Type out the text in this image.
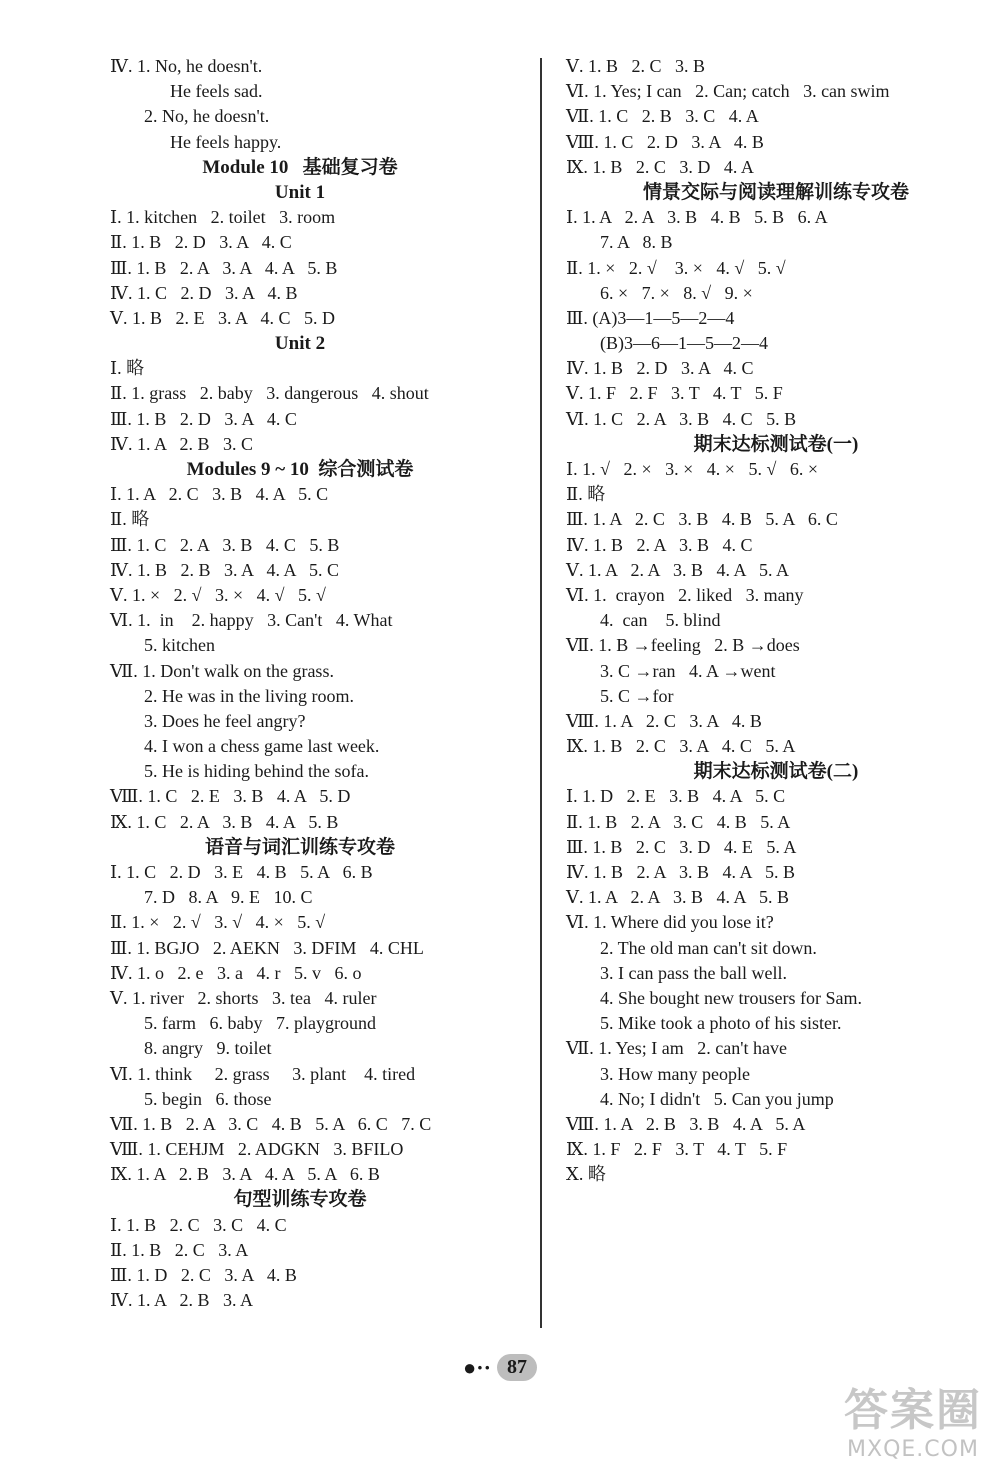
Ⅳ. 1. No, he doesn't.
He feels sad.
2. No, he doesn't.
He feels happy.
Module 10   基础复习卷
Unit 1
Ⅰ. 1. kitchen   2. toilet   3. room
Ⅱ. 1. B   2. D   3. A   4. C
Ⅲ. 1. B   2. A   3. A   4. A   5. B
Ⅳ. 1. C   2. D   3. A   4. B
Ⅴ. 1. B   2. E   3. A   4. C   5. D
Unit 2
Ⅰ. 略
Ⅱ. 1. grass   2. baby   3. dangerous   4. shout
Ⅲ. 1. B   2. D   3. A   4. C
Ⅳ. 1. A   2. B   3. C
Modules 9 ~ 10  综合测试卷
Ⅰ. 1. A   2. C   3. B   4. A   5. C
Ⅱ. 略
Ⅲ. 1. C   2. A   3. B   4. C   5. B
Ⅳ. 1. B   2. B   3. A   4. A   5. C
Ⅴ. 1. ×   2. √   3. ×   4. √   5. √
Ⅵ. 1.  in    2. happy   3. Can't   4. What
5. kitchen
Ⅶ. 1. Don't walk on the grass.
2. He was in the living room.
3. Does he feel angry?
4. I won a chess game last week.
5. He is hiding behind the sofa.
Ⅷ. 1. C   2. E   3. B   4. A   5. D
Ⅸ. 1. C   2. A   3. B   4. A   5. B
语音与词汇训练专攻卷
Ⅰ. 1. C   2. D   3. E   4. B   5. A   6. B
7. D   8. A   9. E   10. C
Ⅱ. 1. ×   2. √   3. √   4. ×   5. √
Ⅲ. 1. BGJO   2. AEKN   3. DFIM   4. CHL
Ⅳ. 1. o   2. e   3. a   4. r   5. v   6. o
Ⅴ. 1. river   2. shorts   3. tea   4. ruler
5. farm   6. baby   7. playground
8. angry   9. toilet
Ⅵ. 1. think     2. grass     3. plant    4. tired
5. begin   6. those
Ⅶ. 1. B   2. A   3. C   4. B   5. A   6. C   7. C
Ⅷ. 1. CEHJM   2. ADGKN   3. BFILO
Ⅸ. 1. A   2. B   3. A   4. A   5. A   6. B
句型训练专攻卷
Ⅰ. 1. B   2. C   3. C   4. C
Ⅱ. 1. B   2. C   3. A
Ⅲ. 1. D   2. C   3. A   4. B
Ⅳ. 1. A   2. B   3. A
Ⅴ. 1. B   2. C   3. B
Ⅵ. 1. Yes; I can   2. Can; catch   3. can swim
Ⅶ. 1. C   2. B   3. C   4. A
Ⅷ. 1. C   2. D   3. A   4. B
Ⅸ. 1. B   2. C   3. D   4. A
情景交际与阅读理解训练专攻卷
Ⅰ. 1. A   2. A   3. B   4. B   5. B   6. A
7. A   8. B
Ⅱ. 1. ×   2. √    3. ×   4. √   5. √
6. ×   7. ×   8. √   9. ×
Ⅲ. (A)3—1—5—2—4
(B)3—6—1—5—2—4
Ⅳ. 1. B   2. D   3. A   4. C
Ⅴ. 1. F   2. F   3. T   4. T   5. F
Ⅵ. 1. C   2. A   3. B   4. C   5. B
期末达标测试卷(一)
Ⅰ. 1. √   2. ×   3. ×   4. ×   5. √   6. ×
Ⅱ. 略
Ⅲ. 1. A   2. C   3. B   4. B   5. A   6. C
Ⅳ. 1. B   2. A   3. B   4. C
Ⅴ. 1. A   2. A   3. B   4. A   5. A
Ⅵ. 1.  crayon   2. liked   3. many
4.  can    5. blind
Ⅶ. 1. B →feeling   2. B →does
3. C →ran   4. A →went
5. C →for
Ⅷ. 1. A   2. C   3. A   4. B
Ⅸ. 1. B   2. C   3. A   4. C   5. A
期末达标测试卷(二)
Ⅰ. 1. D   2. E   3. B   4. A   5. C
Ⅱ. 1. B   2. A   3. C   4. B   5. A
Ⅲ. 1. B   2. C   3. D   4. E   5. A
Ⅳ. 1. B   2. A   3. B   4. A   5. B
Ⅴ. 1. A   2. A   3. B   4. A   5. B
Ⅵ. 1. Where did you lose it?
2. The old man can't sit down.
3. I can pass the ball well.
4. She bought new trousers for Sam.
5. Mike took a photo of his sister.
Ⅶ. 1. Yes; I am   2. can't have
3. How many people
4. No; I didn't   5. Can you jump
Ⅷ. 1. A   2. B   3. B   4. A   5. A
Ⅸ. 1. F   2. F   3. T   4. T   5. F
Ⅹ. 略
●·· 87
答案圈
MXQE.COM
